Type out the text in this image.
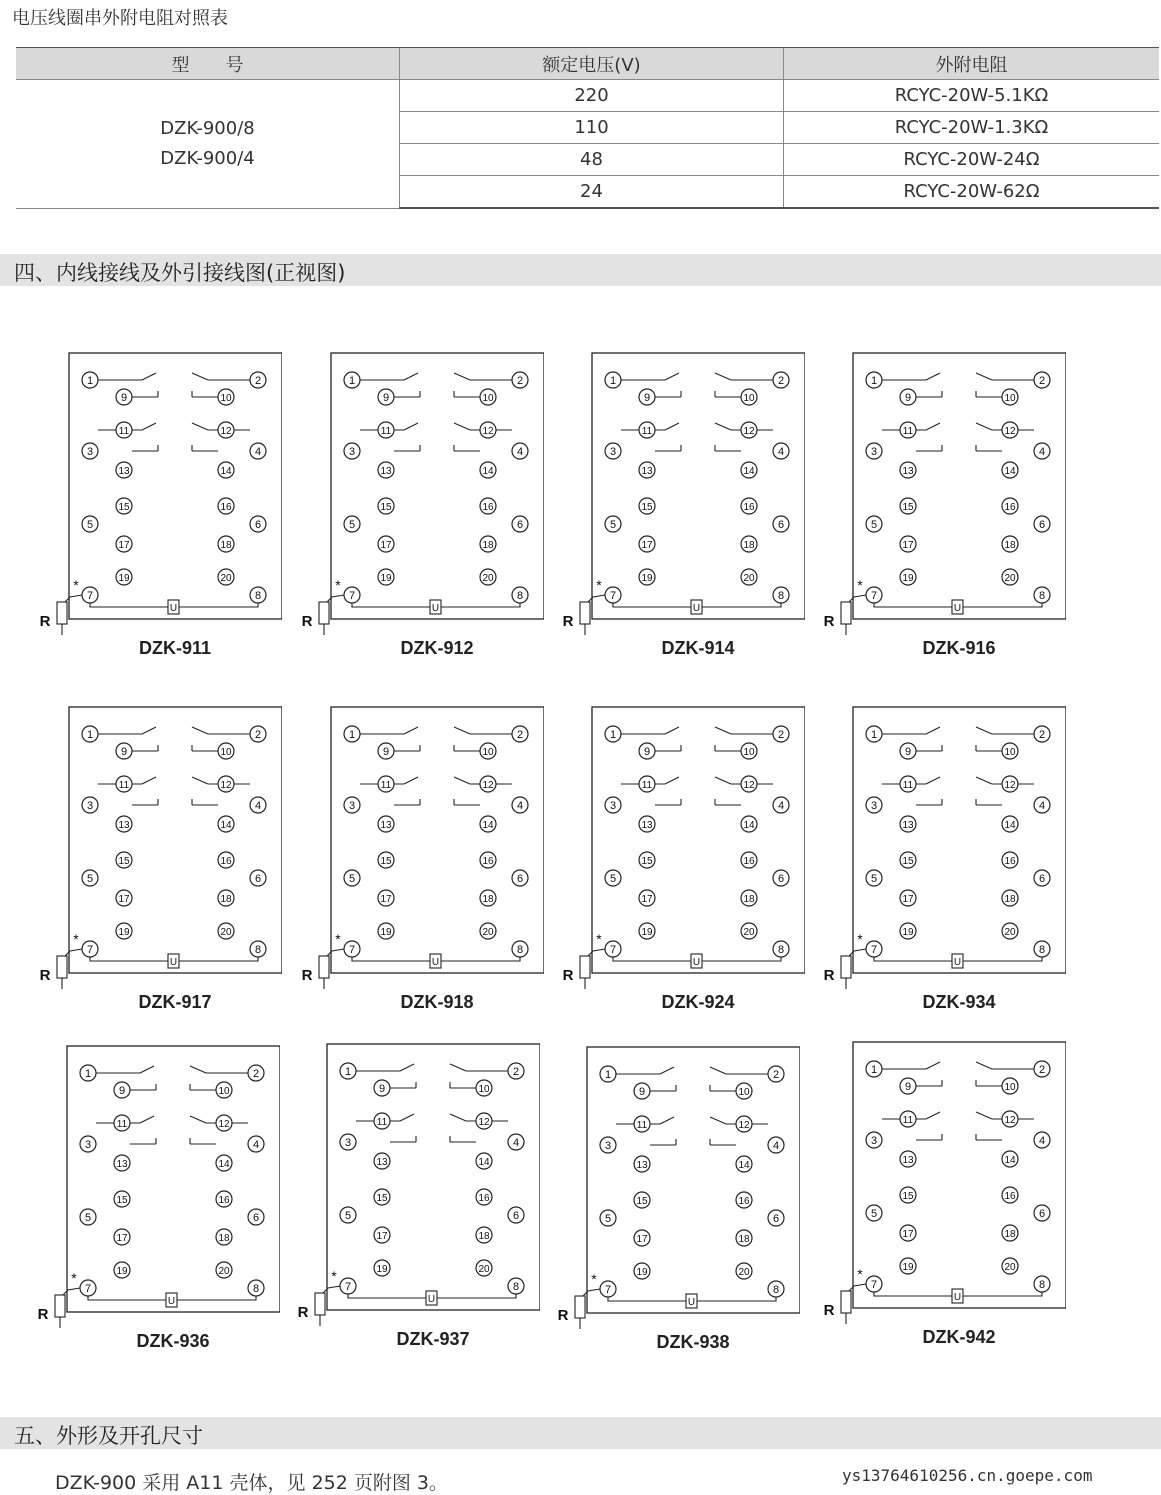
电压线圈串外附电阻对照表
型　　号	额定电压(V)	外附电阻

DZK-900/8
DZK-900/4	220	RCYC-20W-5.1KΩ
	110	RCYC-20W-1.3KΩ
	48	RCYC-20W-24Ω
	24	RCYC-20W-62Ω
四、内线接线及外引接线图(正视图)
1
9
11
3
13
15
5
17
19
7
2
10
12
4
14
16
6
18
20
8
U
R
*
DZK-911
1
9
11
3
13
15
5
17
19
7
2
10
12
4
14
16
6
18
20
8
U
R
*
DZK-912
1
9
11
3
13
15
5
17
19
7
2
10
12
4
14
16
6
18
20
8
U
R
*
DZK-914
1
9
11
3
13
15
5
17
19
7
2
10
12
4
14
16
6
18
20
8
U
R
*
DZK-916
1
9
11
3
13
15
5
17
19
7
2
10
12
4
14
16
6
18
20
8
U
R
*
DZK-917
1
9
11
3
13
15
5
17
19
7
2
10
12
4
14
16
6
18
20
8
U
R
*
DZK-918
1
9
11
3
13
15
5
17
19
7
2
10
12
4
14
16
6
18
20
8
U
R
*
DZK-924
1
9
11
3
13
15
5
17
19
7
2
10
12
4
14
16
6
18
20
8
U
R
*
DZK-934
1
9
11
3
13
15
5
17
19
7
2
10
12
4
14
16
6
18
20
8
U
R
*
DZK-936
1
9
11
3
13
15
5
17
19
7
2
10
12
4
14
16
6
18
20
8
U
R
*
DZK-937
1
9
11
3
13
15
5
17
19
7
2
10
12
4
14
16
6
18
20
8
U
R
*
DZK-938
1
9
11
3
13
15
5
17
19
7
2
10
12
4
14
16
6
18
20
8
U
R
*
DZK-942
五、外形及开孔尺寸
DZK-900 采用 A11 壳体，见 252 页附图 3。	ys13764610256.cn.goepe.com
